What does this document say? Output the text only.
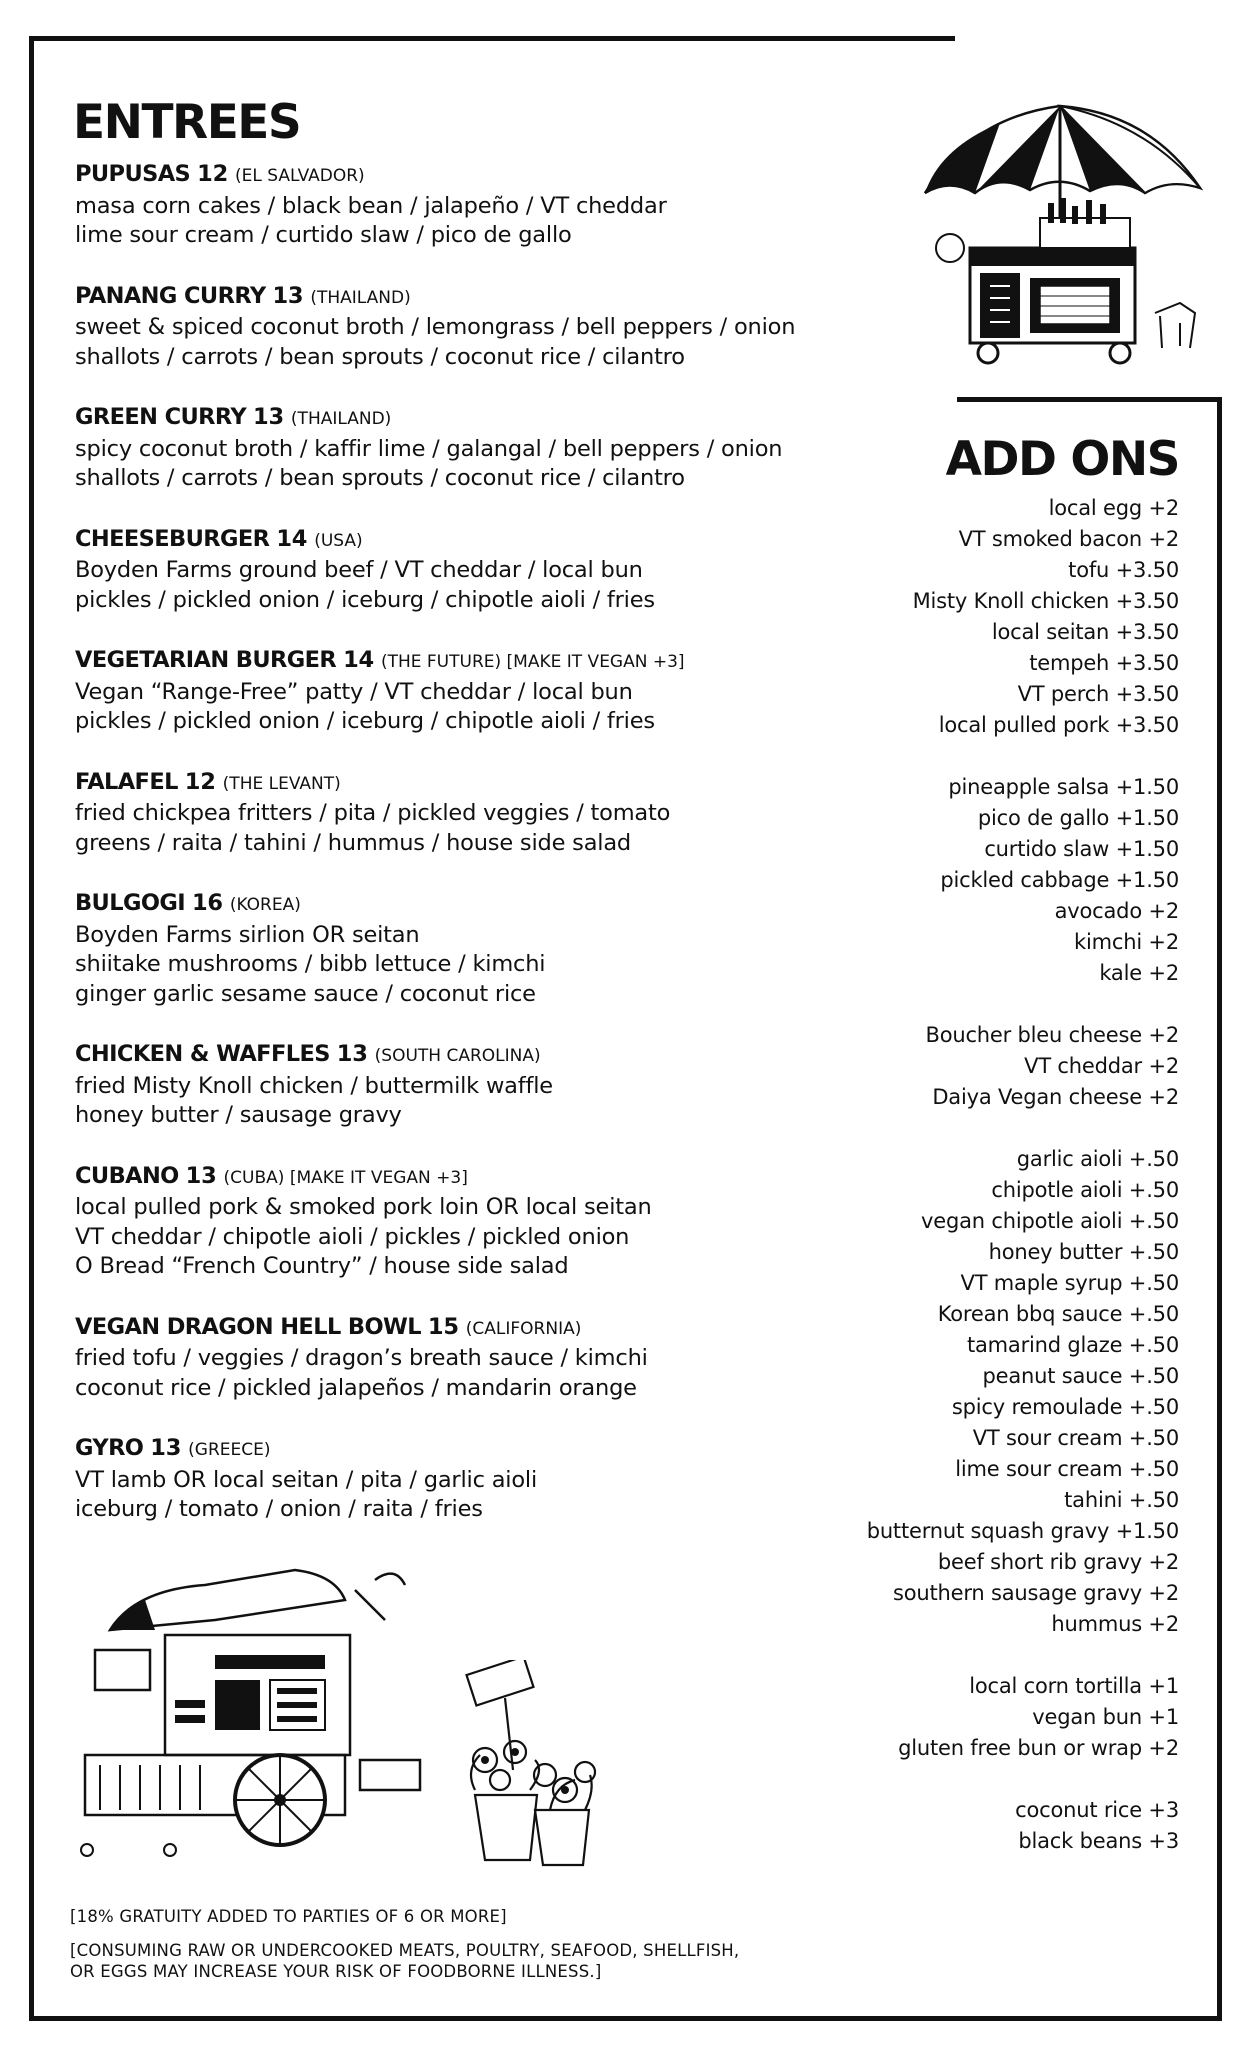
ENTREES
PUPUSAS 12 (EL SALVADOR)
masa corn cakes / black bean / jalapeño / VT cheddar
lime sour cream / curtido slaw / pico de gallo
PANANG CURRY 13 (THAILAND)
sweet & spiced coconut broth / lemongrass / bell peppers / onion
shallots / carrots / bean sprouts / coconut rice / cilantro
GREEN CURRY 13 (THAILAND)
spicy coconut broth / kaffir lime / galangal / bell peppers / onion
shallots / carrots / bean sprouts / coconut rice / cilantro
CHEESEBURGER 14 (USA)
Boyden Farms ground beef / VT cheddar / local bun
pickles / pickled onion / iceburg / chipotle aioli / fries
VEGETARIAN BURGER 14 (THE FUTURE) [MAKE IT VEGAN +3]
Vegan “Range-Free” patty / VT cheddar / local bun
pickles / pickled onion / iceburg / chipotle aioli / fries
FALAFEL 12 (THE LEVANT)
fried chickpea fritters / pita / pickled veggies / tomato
greens / raita / tahini / hummus / house side salad
BULGOGI 16 (KOREA)
Boyden Farms sirlion OR seitan
shiitake mushrooms / bibb lettuce / kimchi
ginger garlic sesame sauce / coconut rice
CHICKEN & WAFFLES 13 (SOUTH CAROLINA)
fried Misty Knoll chicken / buttermilk waffle
honey butter / sausage gravy
CUBANO 13 (CUBA) [MAKE IT VEGAN +3]
local pulled pork & smoked pork loin OR local seitan
VT cheddar / chipotle aioli / pickles / pickled onion
O Bread “French Country” / house side salad
VEGAN DRAGON HELL BOWL 15 (CALIFORNIA)
fried tofu / veggies / dragon’s breath sauce / kimchi
coconut rice / pickled jalapeños / mandarin orange
GYRO 13 (GREECE)
VT lamb OR local seitan / pita / garlic aioli
iceburg / tomato / onion / raita / fries
ADD ONS
local egg +2
VT smoked bacon +2
tofu +3.50
Misty Knoll chicken +3.50
local seitan +3.50
tempeh +3.50
VT perch +3.50
local pulled pork +3.50
pineapple salsa +1.50
pico de gallo +1.50
curtido slaw +1.50
pickled cabbage +1.50
avocado +2
kimchi +2
kale +2
Boucher bleu cheese +2
VT cheddar +2
Daiya Vegan cheese +2
garlic aioli +.50
chipotle aioli +.50
vegan chipotle aioli +.50
honey butter +.50
VT maple syrup +.50
Korean bbq sauce +.50
tamarind glaze +.50
peanut sauce +.50
spicy remoulade +.50
VT sour cream +.50
lime sour cream +.50
tahini +.50
butternut squash gravy +1.50
beef short rib gravy +2
southern sausage gravy +2
hummus +2
local corn tortilla +1
vegan bun +1
gluten free bun or wrap +2
coconut rice +3
black beans +3
[18% GRATUITY ADDED TO PARTIES OF 6 OR MORE]
[CONSUMING RAW OR UNDERCOOKED MEATS, POULTRY, SEAFOOD, SHELLFISH,
OR EGGS MAY INCREASE YOUR RISK OF FOODBORNE ILLNESS.]
